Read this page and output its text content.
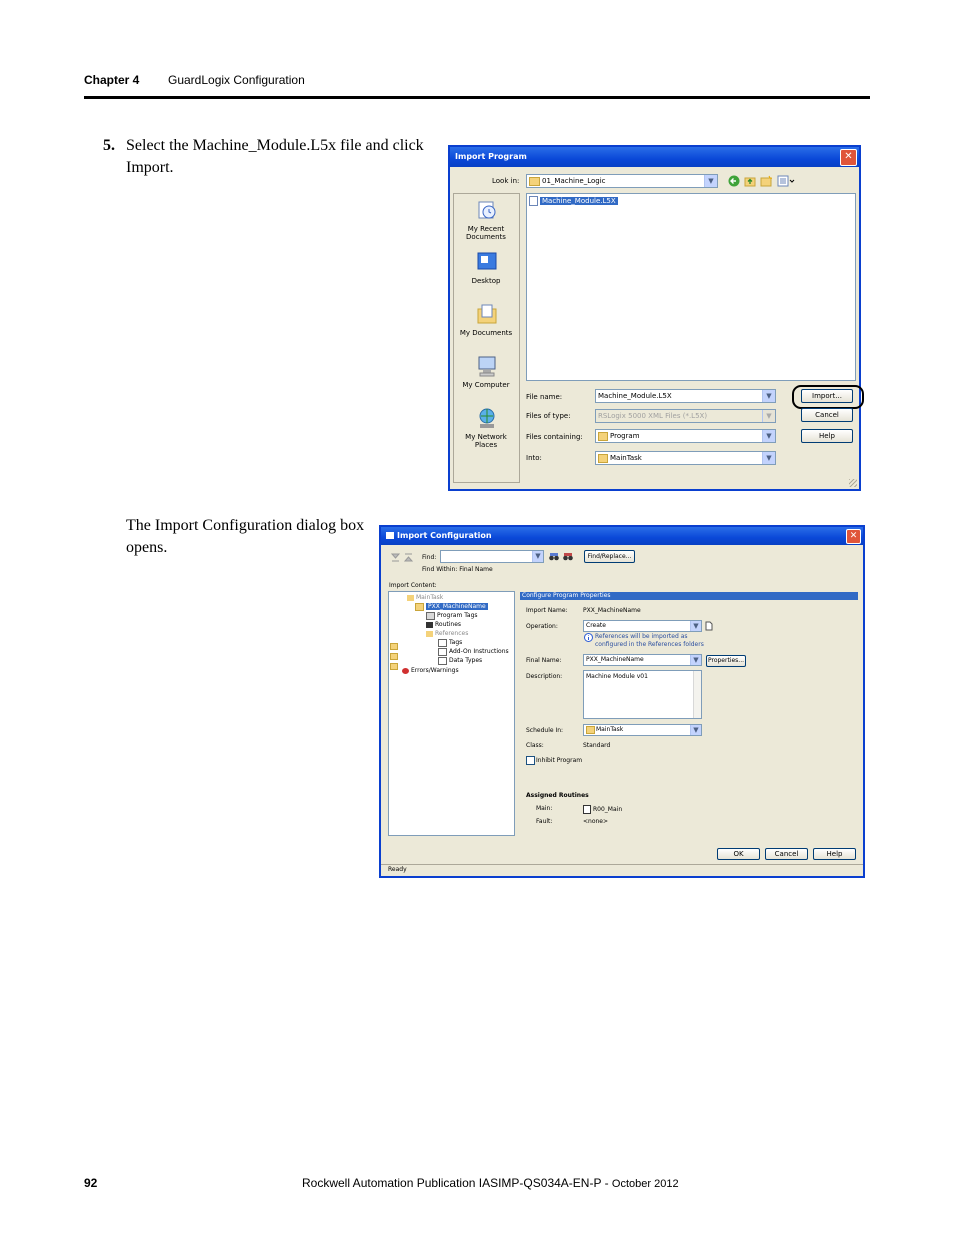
Chapter 4 GuardLogix Configuration
5. Select the Machine_Module.L5x file and click Import.
Import Program	✕
Look in:	01_Machine_Logic	▼
My Recent Documents
Desktop
My Documents
My Computer
My Network Places
Machine_Module.L5X
File name:	Machine_Module.L5X	▼
Files of type:	RSLogix 5000 XML Files (*.L5X)	▼
Files containing:	Program	▼
Into:	MainTask	▼
Import...
Cancel
Help
The Import Configuration dialog box opens.
Import Configuration	✕
Find:	▼	Find/Replace...
Find Within: Final Name
Import Content:
MainTask
PXX_MachineName
Program Tags
Routines
References
Tags
Add-On Instructions
Data Types
Errors/Warnings
Configure Program Properties
Import Name:	PXX_MachineName
Operation:	Create	▼
References will be imported as configured in the References folders
Final Name:	PXX_MachineName	▼	Properties...
Description:	Machine Module v01
Schedule In:	MainTask	▼
Class:	Standard
Inhibit Program
Assigned Routines
Main:	R00_Main
Fault:	<none>
OK	Cancel	Help
Ready
92	Rockwell Automation Publication IASIMP-QS034A-EN-P - October 2012
